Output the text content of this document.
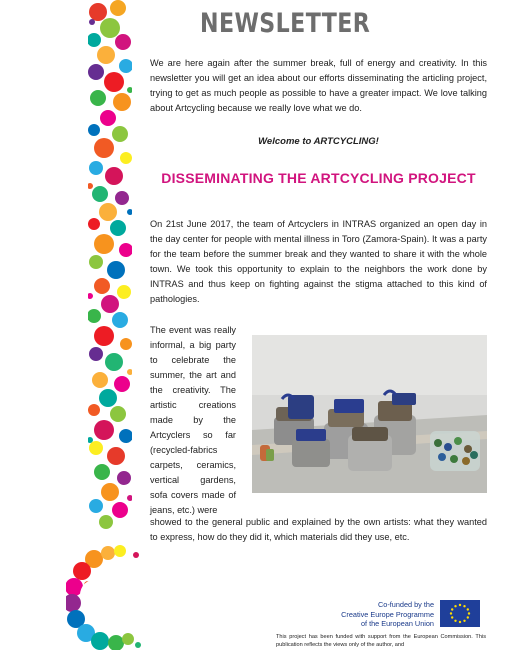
NEWSLETTER
We are here again after the summer break, full of energy and creativity. In this newsletter you will get an idea about our efforts disseminating the articling project, trying to get as much people as possible to have a greater impact. We love talking about Artcycling because we really love what we do.
Welcome to ARTCYCLING!
DISSEMINATING THE ARTCYCLING PROJECT
On 21st June 2017, the team of Artcyclers in INTRAS organized an open day in the day center for people with mental illness in Toro (Zamora-Spain). It was a party for the team before the summer break and they wanted to share it with the whole town. We took this opportunity to explain to the neighbors the work done by INTRAS and thus keep on fighting against the stigma attached to this kind of pathologies.
The event was really informal, a big party to celebrate the summer, the art and the creativity. The artistic creations made by the Artcyclers so far (recycled-fabrics carpets, ceramics, vertical gardens, sofa covers made of jeans, etc.) were
showed to the general public and explained by the own artists: what they wanted to express, how do they did it, which materials did they use, etc.
Co-funded by the
Creative Europe Programme
of the European Union
This project has been funded with support from the European Commission. This publication reflects the views only of the author, and
